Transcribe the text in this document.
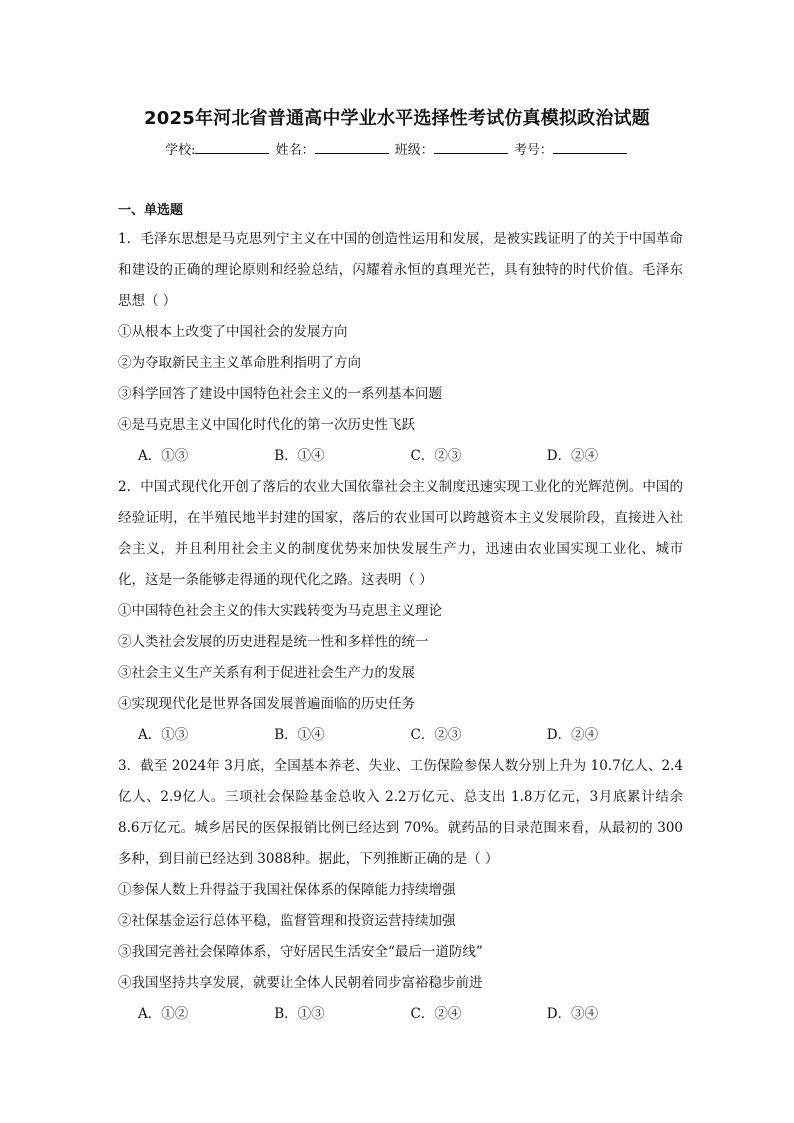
2025年河北省普通高中学业水平选择性考试仿真模拟政治试题
学校:	姓名：	班级：	考号：
一、单选题
1．毛泽东思想是马克思列宁主义在中国的创造性运用和发展，是被实践证明了的关于中国革命和建设的正确的理论原则和经验总结，闪耀着永恒的真理光芒，具有独特的时代价值。毛泽东思想（ ）
①从根本上改变了中国社会的发展方向
②为夺取新民主主义革命胜利指明了方向
③科学回答了建设中国特色社会主义的一系列基本问题
④是马克思主义中国化时代化的第一次历史性飞跃
A．①③	B．①④	C．②③	D．②④
2．中国式现代化开创了落后的农业大国依靠社会主义制度迅速实现工业化的光辉范例。中国的经验证明，在半殖民地半封建的国家，落后的农业国可以跨越资本主义发展阶段，直接进入社会主义，并且利用社会主义的制度优势来加快发展生产力，迅速由农业国实现工业化、城市化，这是一条能够走得通的现代化之路。这表明（ ）
①中国特色社会主义的伟大实践转变为马克思主义理论
②人类社会发展的历史进程是统一性和多样性的统一
③社会主义生产关系有利于促进社会生产力的发展
④实现现代化是世界各国发展普遍面临的历史任务
A．①③	B．①④	C．②③	D．②④
3．截至 2024年 3月底，全国基本养老、失业、工伤保险参保人数分别上升为 10.7亿人、2.4亿人、2.9亿人。三项社会保险基金总收入 2.2万亿元、总支出 1.8万亿元，3月底累计结余 8.6万亿元。城乡居民的医保报销比例已经达到 70%。就药品的目录范围来看，从最初的 300多种，到目前已经达到 3088种。据此，下列推断正确的是（ ）
①参保人数上升得益于我国社保体系的保障能力持续增强
②社保基金运行总体平稳，监督管理和投资运营持续加强
③我国完善社会保障体系，守好居民生活安全“最后一道防线”
④我国坚持共享发展，就要让全体人民朝着同步富裕稳步前进
A．①②	B．①③	C．②④	D．③④
